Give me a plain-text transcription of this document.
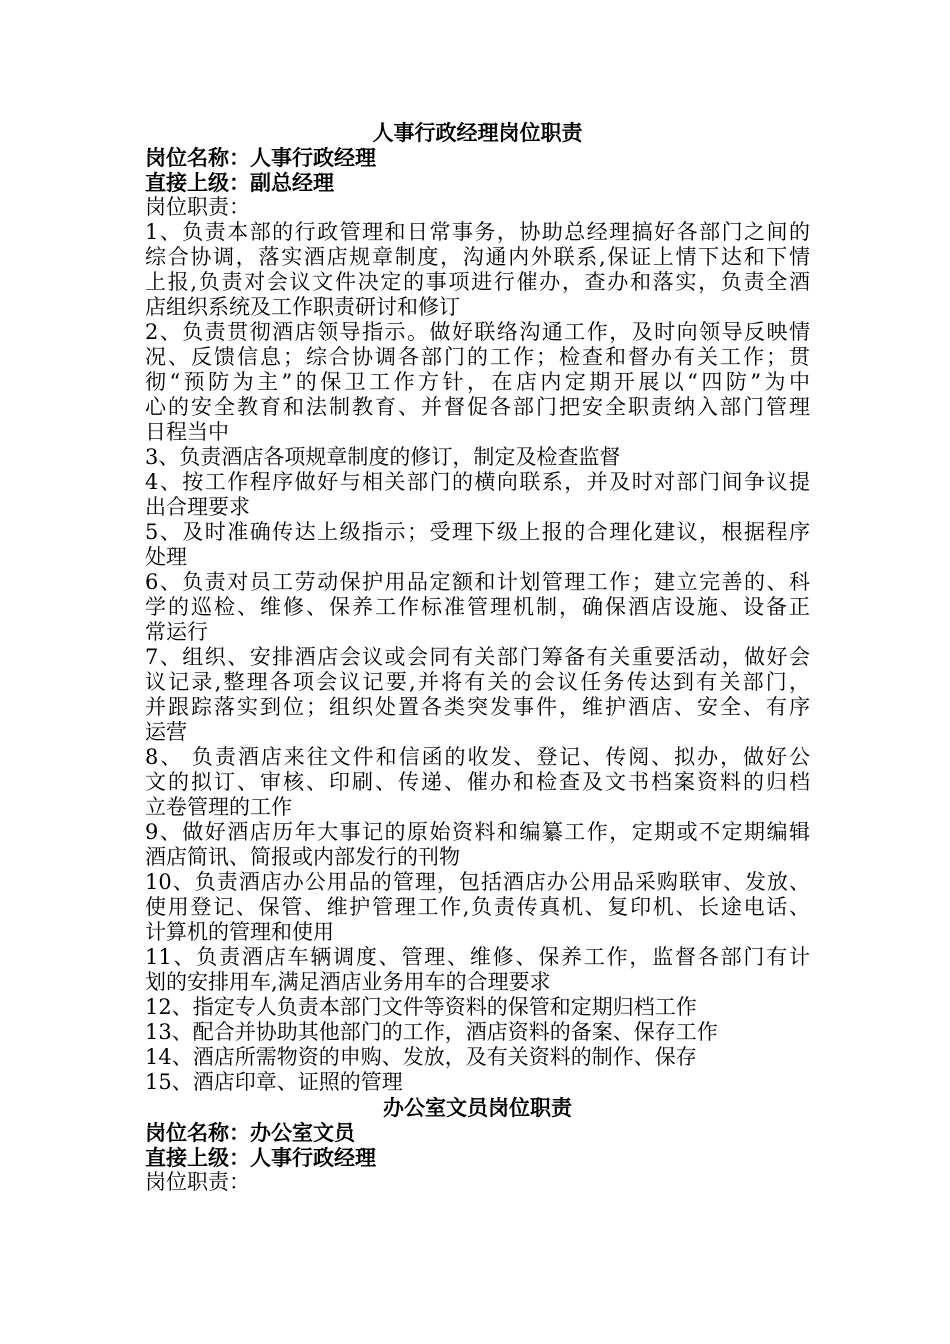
人事行政经理岗位职责
岗位名称：人事行政经理
直接上级：副总经理
岗位职责：
1、负责本部的行政管理和日常事务，协助总经理搞好各部门之间的
综合协调，落实酒店规章制度，沟通内外联系,保证上情下达和下情
上报,负责对会议文件决定的事项进行催办，查办和落实，负责全酒
店组织系统及工作职责研讨和修订
2、负责贯彻酒店领导指示。做好联络沟通工作，及时向领导反映情
况、反馈信息；综合协调各部门的工作；检查和督办有关工作；贯
彻“预防为主”的保卫工作方针，在店内定期开展以“四防”为中
心的安全教育和法制教育、并督促各部门把安全职责纳入部门管理
日程当中
3、负责酒店各项规章制度的修订，制定及检查监督
4、按工作程序做好与相关部门的横向联系，并及时对部门间争议提
出合理要求
5、及时准确传达上级指示；受理下级上报的合理化建议，根据程序
处理
6、负责对员工劳动保护用品定额和计划管理工作；建立完善的、科
学的巡检、维修、保养工作标准管理机制，确保酒店设施、设备正
常运行
7、组织、安排酒店会议或会同有关部门筹备有关重要活动，做好会
议记录,整理各项会议记要,并将有关的会议任务传达到有关部门，
并跟踪落实到位；组织处置各类突发事件，维护酒店、安全、有序
运营
8、 负责酒店来往文件和信函的收发、登记、传阅、拟办，做好公
文的拟订、审核、印刷、传递、催办和检查及文书档案资料的归档
立卷管理的工作
9、做好酒店历年大事记的原始资料和编纂工作，定期或不定期编辑
酒店简讯、简报或内部发行的刊物
10、负责酒店办公用品的管理，包括酒店办公用品采购联审、发放、
使用登记、保管、维护管理工作,负责传真机、复印机、长途电话、
计算机的管理和使用
11、负责酒店车辆调度、管理、维修、保养工作，监督各部门有计
划的安排用车,满足酒店业务用车的合理要求
12、指定专人负责本部门文件等资料的保管和定期归档工作
13、配合并协助其他部门的工作，酒店资料的备案、保存工作
14、酒店所需物资的申购、发放，及有关资料的制作、保存
15、酒店印章、证照的管理
办公室文员岗位职责
岗位名称：办公室文员
直接上级：人事行政经理
岗位职责：
